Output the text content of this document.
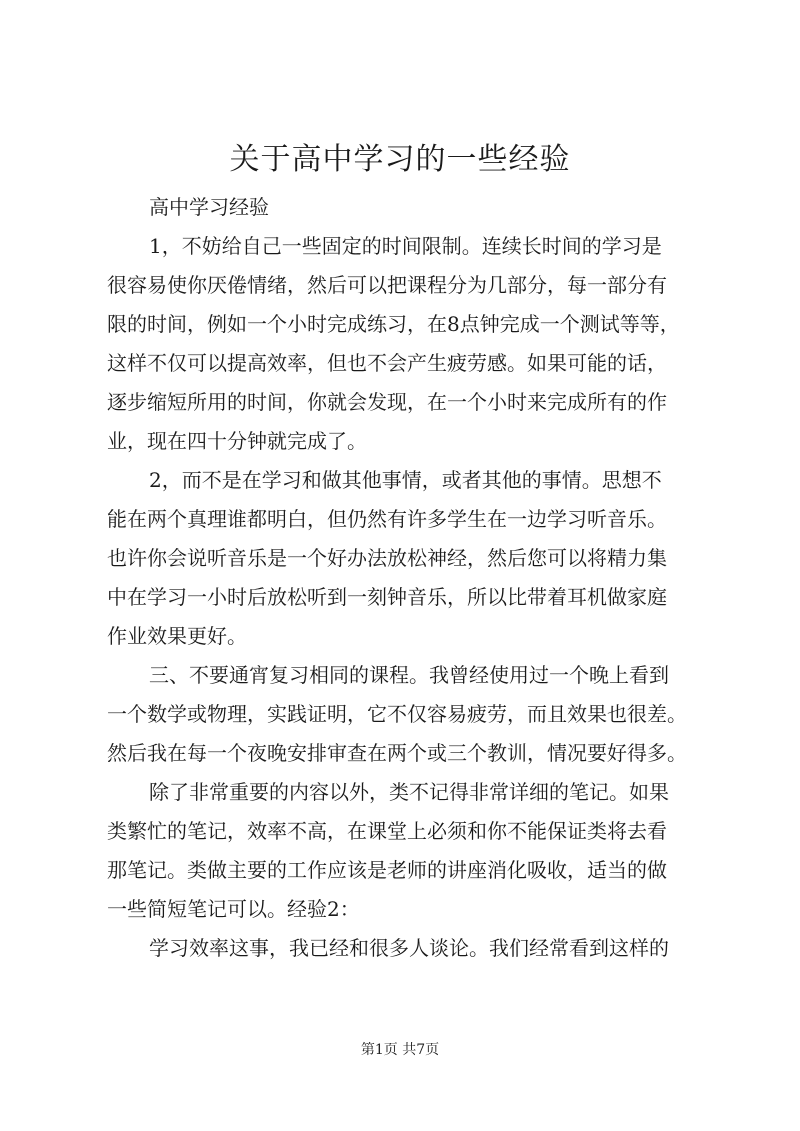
关于高中学习的一些经验

高中学习经验

1，不妨给自己一些固定的时间限制。连续长时间的学习是
很容易使你厌倦情绪，然后可以把课程分为几部分，每一部分有
限的时间，例如一个小时完成练习，在8点钟完成一个测试等等，
这样不仅可以提高效率，但也不会产生疲劳感。如果可能的话，
逐步缩短所用的时间，你就会发现，在一个小时来完成所有的作
业，现在四十分钟就完成了。

2，而不是在学习和做其他事情，或者其他的事情。思想不
能在两个真理谁都明白，但仍然有许多学生在一边学习听音乐。
也许你会说听音乐是一个好办法放松神经，然后您可以将精力集
中在学习一小时后放松听到一刻钟音乐，所以比带着耳机做家庭
作业效果更好。

三、不要通宵复习相同的课程。我曾经使用过一个晚上看到
一个数学或物理，实践证明，它不仅容易疲劳，而且效果也很差。
然后我在每一个夜晚安排审查在两个或三个教训，情况要好得多。

除了非常重要的内容以外，类不记得非常详细的笔记。如果
类繁忙的笔记，效率不高，在课堂上必须和你不能保证类将去看
那笔记。类做主要的工作应该是老师的讲座消化吸收，适当的做
一些简短笔记可以。经验2：

学习效率这事，我已经和很多人谈论。我们经常看到这样的

第1页 共7页
